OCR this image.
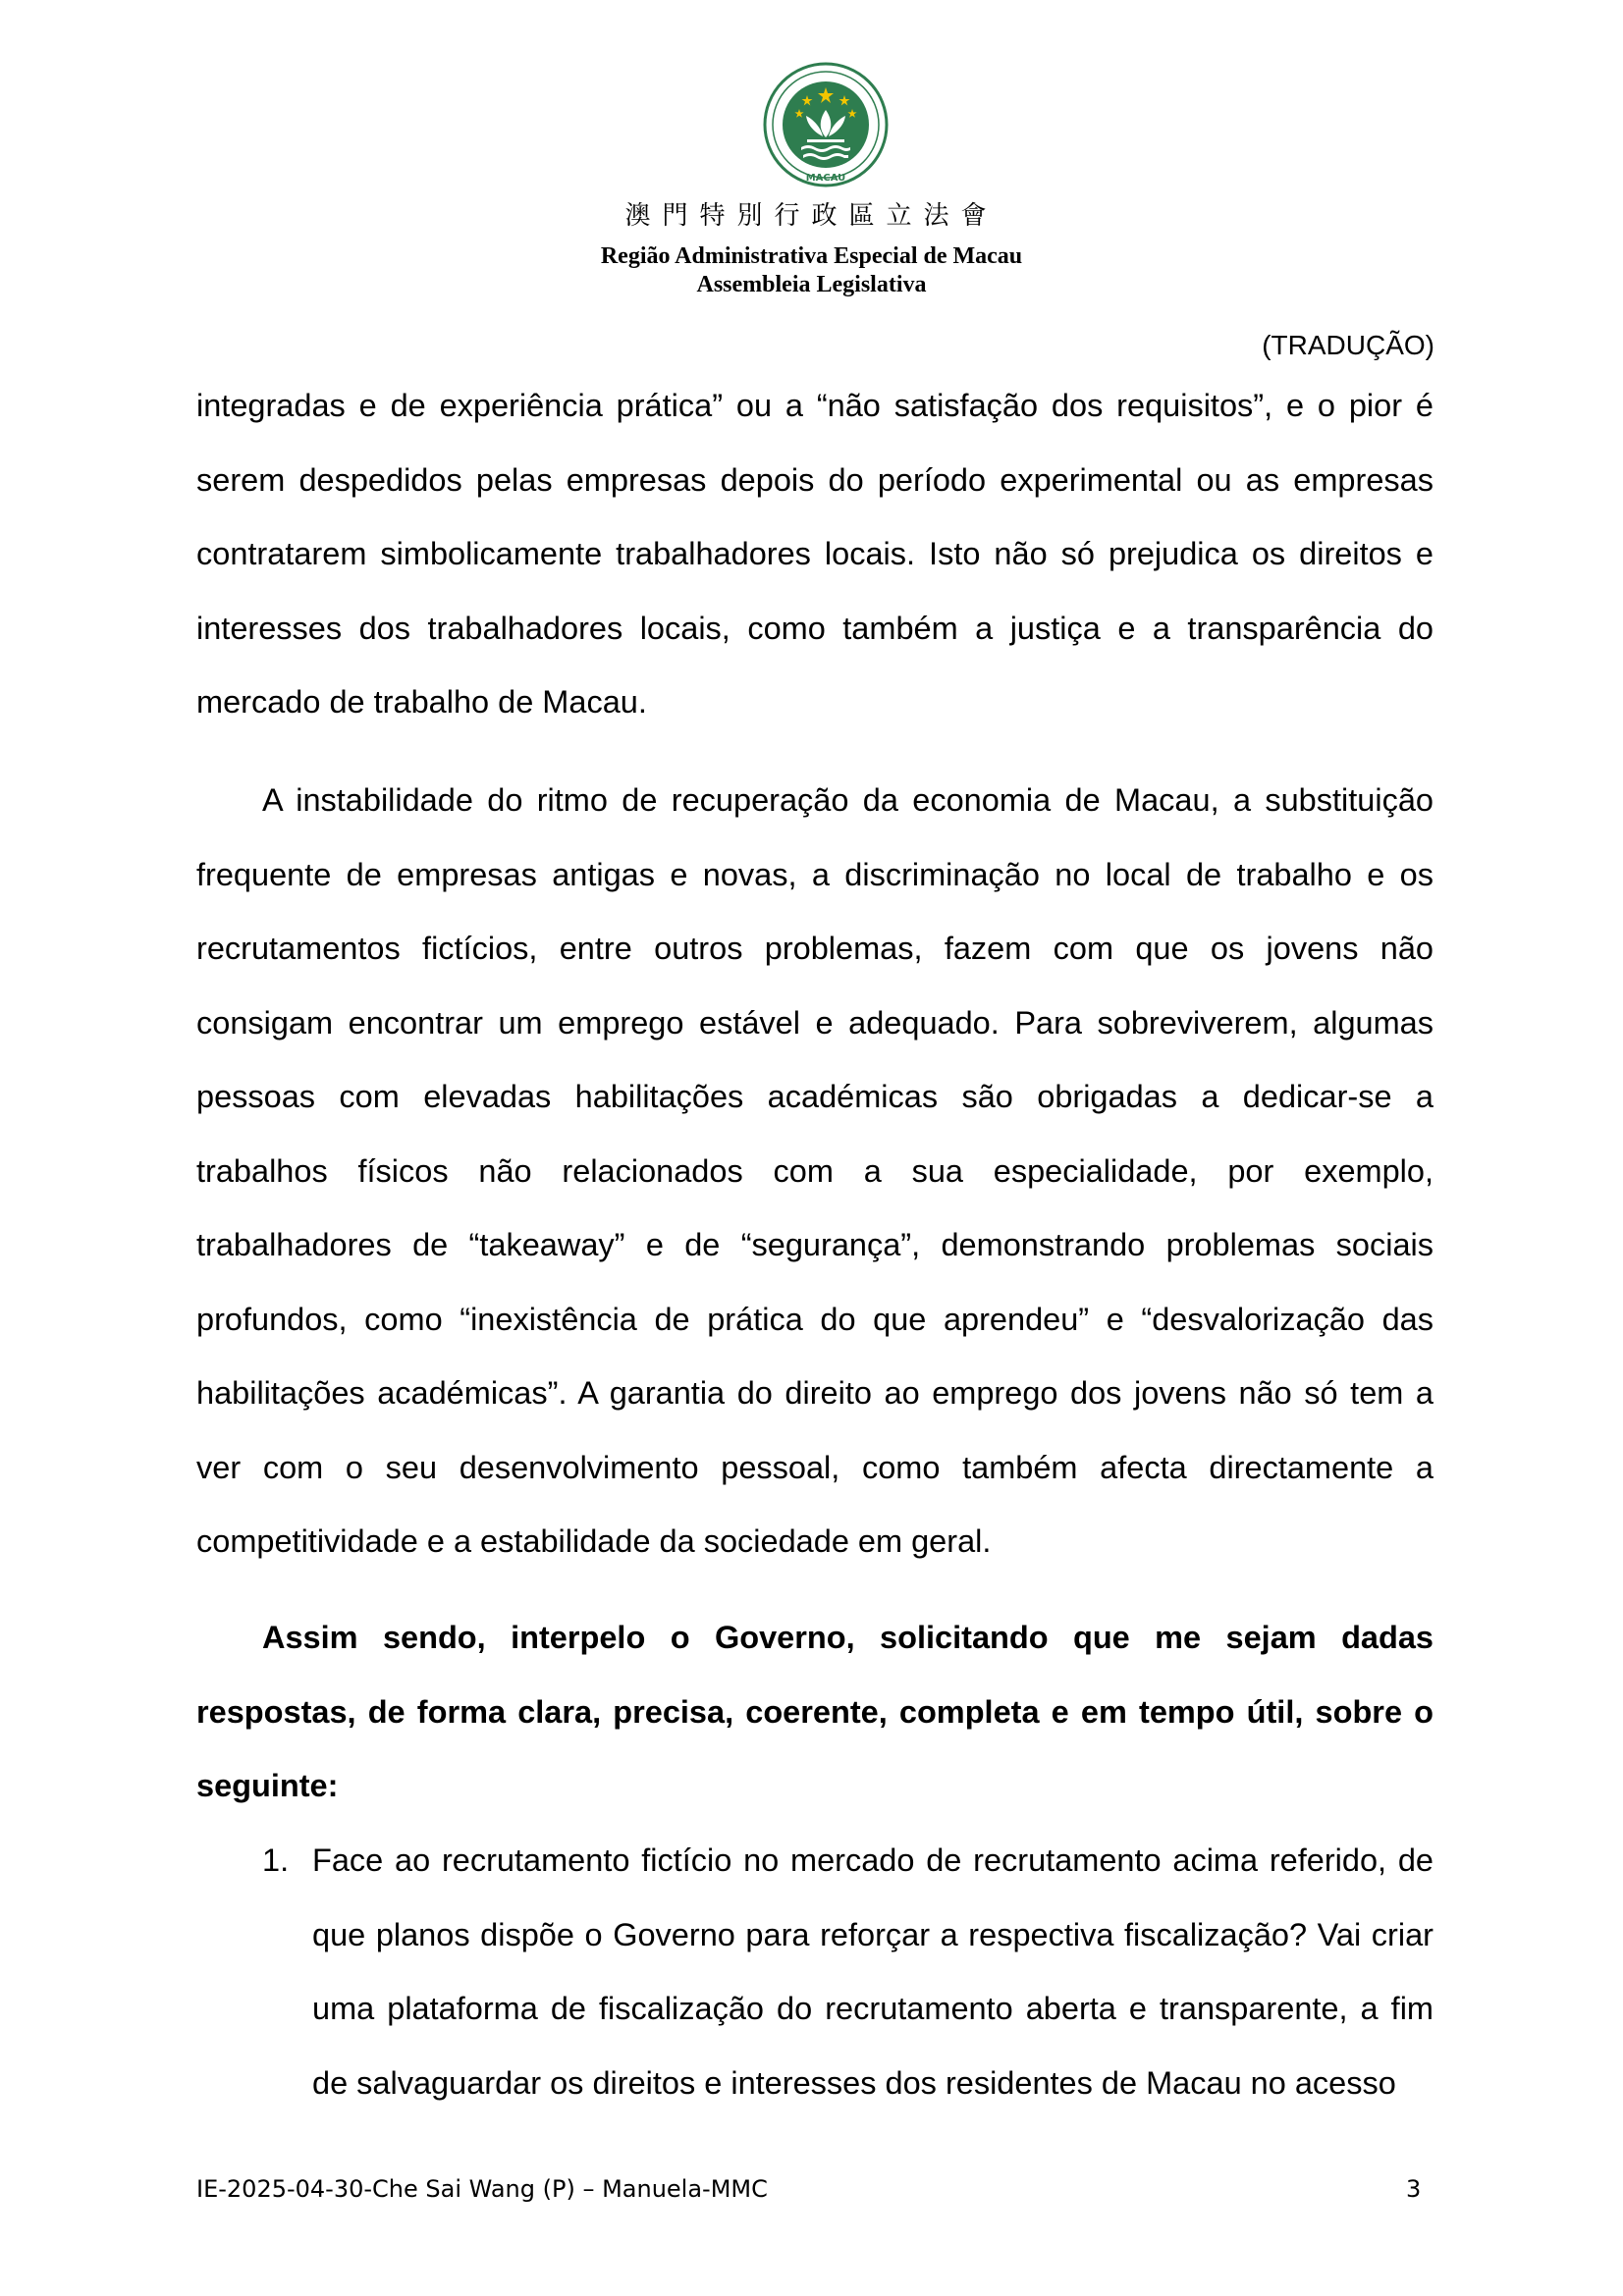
MACAU
澳門特別行政區立法會
Região Administrativa Especial de Macau
Assembleia Legislativa
(TRADUÇÃO)

integradas e de experiência prática” ou a “não satisfação dos requisitos”, e o pior é serem despedidos pelas empresas depois do período experimental ou as empresas contratarem simbolicamente trabalhadores locais. Isto não só prejudica os direitos e interesses dos trabalhadores locais, como também a justiça e a transparência do mercado de trabalho de Macau.

A instabilidade do ritmo de recuperação da economia de Macau, a substituição frequente de empresas antigas e novas, a discriminação no local de trabalho e os recrutamentos fictícios, entre outros problemas, fazem com que os jovens não consigam encontrar um emprego estável e adequado. Para sobreviverem, algumas pessoas com elevadas habilitações académicas são obrigadas a dedicar-se a trabalhos físicos não relacionados com a sua especialidade, por exemplo, trabalhadores de “takeaway” e de “segurança”, demonstrando problemas sociais profundos, como “inexistência de prática do que aprendeu” e “desvalorização das habilitações académicas”. A garantia do direito ao emprego dos jovens não só tem a ver com o seu desenvolvimento pessoal, como também afecta directamente a competitividade e a estabilidade da sociedade em geral.

Assim sendo, interpelo o Governo, solicitando que me sejam dadas respostas, de forma clara, precisa, coerente, completa e em tempo útil, sobre o seguinte:

1. Face ao recrutamento fictício no mercado de recrutamento acima referido, de que planos dispõe o Governo para reforçar a respectiva fiscalização? Vai criar uma plataforma de fiscalização do recrutamento aberta e transparente, a fim de salvaguardar os direitos e interesses dos residentes de Macau no acesso
IE-2025-04-30-Che Sai Wang (P) – Manuela-MMC	3
